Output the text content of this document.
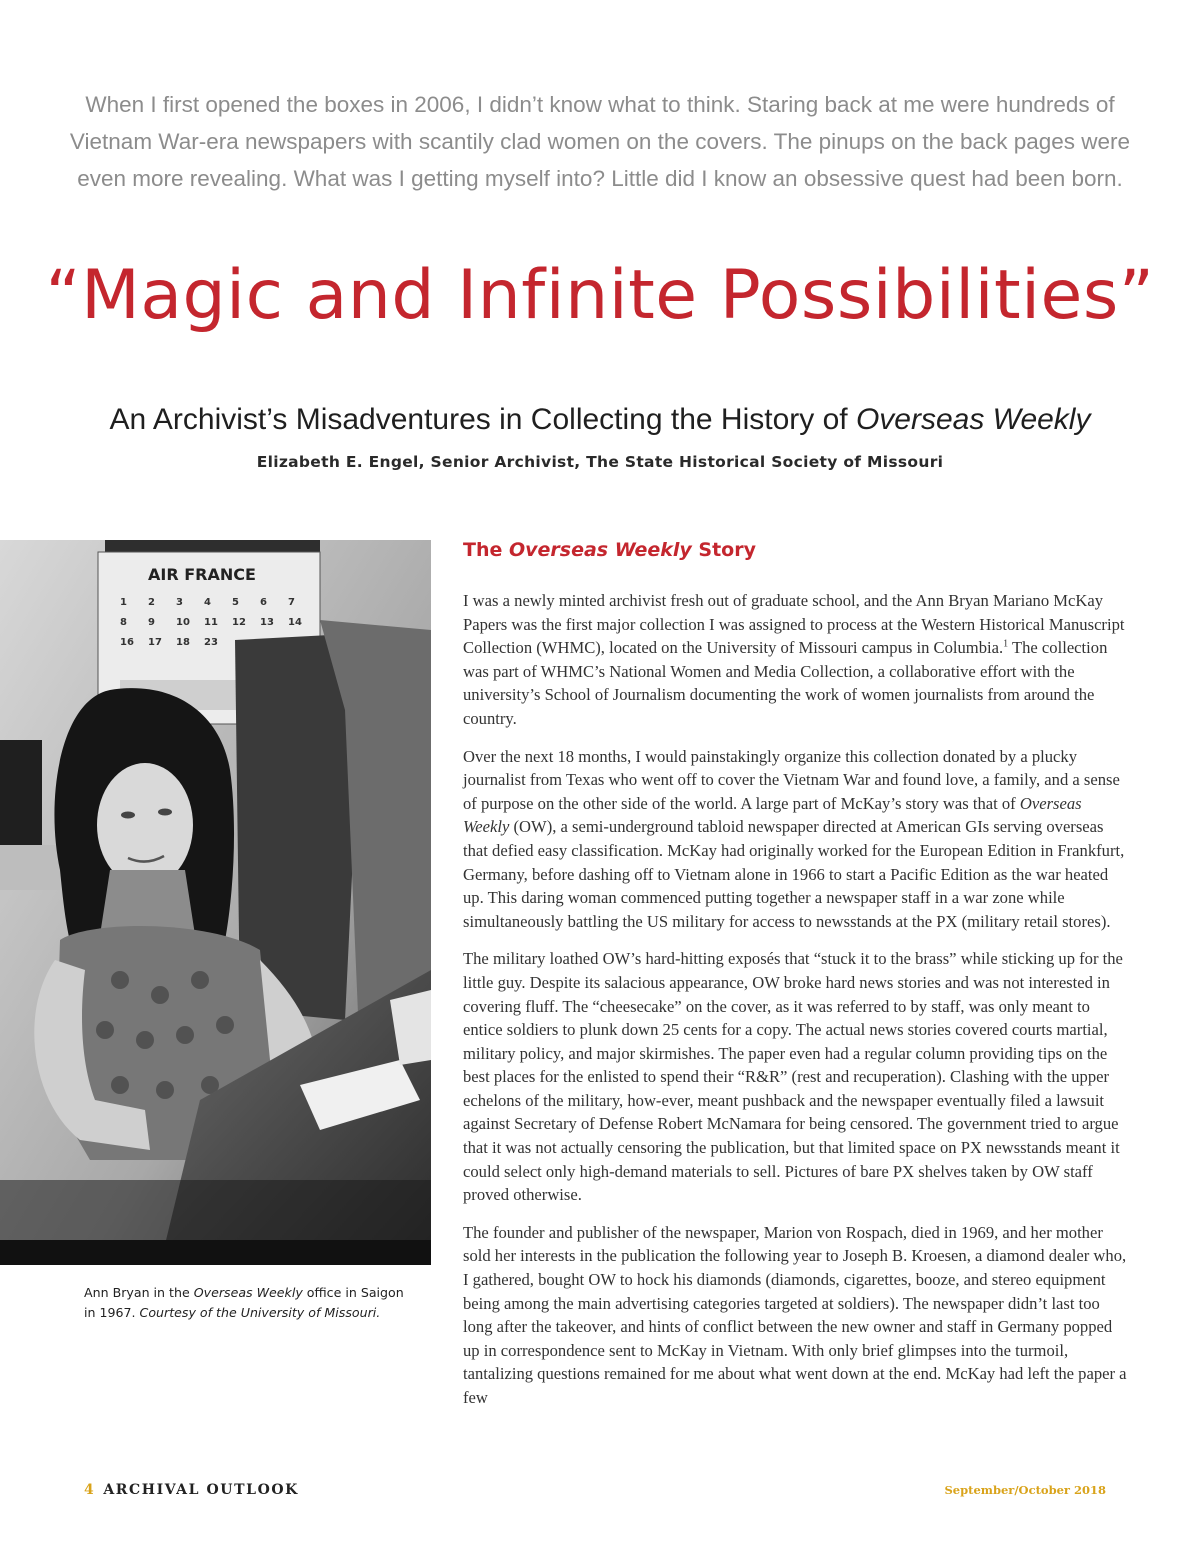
When I first opened the boxes in 2006, I didn’t know what to think. Staring back at me were hundreds of
Vietnam War-era newspapers with scantily clad women on the covers. The pinups on the back pages were
even more revealing. What was I getting myself into? Little did I know an obsessive quest had been born.
“Magic and Infinite Possibilities”
An Archivist’s Misadventures in Collecting the History of Overseas Weekly
Elizabeth E. Engel, Senior Archivist, The State Historical Society of Missouri
AIR FRANCE
1 2 3 4 5 6 7
8 9 10 11 12 13 14
16 17 18 23
Ann Bryan in the Overseas Weekly office in Saigon in 1967. Courtesy of the University of Missouri.
The Overseas Weekly Story

I was a newly minted archivist fresh out of graduate school, and the Ann Bryan Mariano McKay Papers was the first major collection I was assigned to process at the Western Historical Manuscript Collection (WHMC), located on the University of Missouri campus in Columbia.$^1$ The collection was part of WHMC’s National Women and Media Collection, a collaborative effort with the university’s School of Journalism documenting the work of women journalists from around the country.

Over the next 18 months, I would painstakingly organize this collection donated by a plucky journalist from Texas who went off to cover the Vietnam War and found love, a family, and a sense of purpose on the other side of the world. A large part of McKay’s story was that of Overseas Weekly (OW), a semi-underground tabloid newspaper directed at American GIs serving overseas that defied easy classification. McKay had originally worked for the European Edition in Frankfurt, Germany, before dashing off to Vietnam alone in 1966 to start a Pacific Edition as the war heated up. This daring woman commenced putting together a newspaper staff in a war zone while simultaneously battling the US military for access to newsstands at the PX (military retail stores).

The military loathed OW’s hard-hitting exposés that “stuck it to the brass” while sticking up for the little guy. Despite its salacious appearance, OW broke hard news stories and was not interested in covering fluff. The “cheesecake” on the cover, as it was referred to by staff, was only meant to entice soldiers to plunk down 25 cents for a copy. The actual news stories covered courts martial, military policy, and major skirmishes. The paper even had a regular column providing tips on the best places for the enlisted to spend their “R&R” (rest and recuperation). Clashing with the upper echelons of the military, how-ever, meant pushback and the newspaper eventually filed a lawsuit against Secretary of Defense Robert McNamara for being censored. The government tried to argue that it was not actually censoring the publication, but that limited space on PX newsstands meant it could select only high-demand materials to sell. Pictures of bare PX shelves taken by OW staff proved otherwise.

The founder and publisher of the newspaper, Marion von Rospach, died in 1969, and her mother sold her interests in the publication the following year to Joseph B. Kroesen, a diamond dealer who, I gathered, bought OW to hock his diamonds (diamonds, cigarettes, booze, and stereo equipment being among the main advertising categories targeted at soldiers). The newspaper didn’t last too long after the takeover, and hints of conflict between the new owner and staff in Germany popped up in correspondence sent to McKay in Vietnam. With only brief glimpses into the turmoil, tantalizing questions remained for me about what went down at the end. McKay had left the paper a few

4 ARCHIVAL OUTLOOK	September/October 2018
